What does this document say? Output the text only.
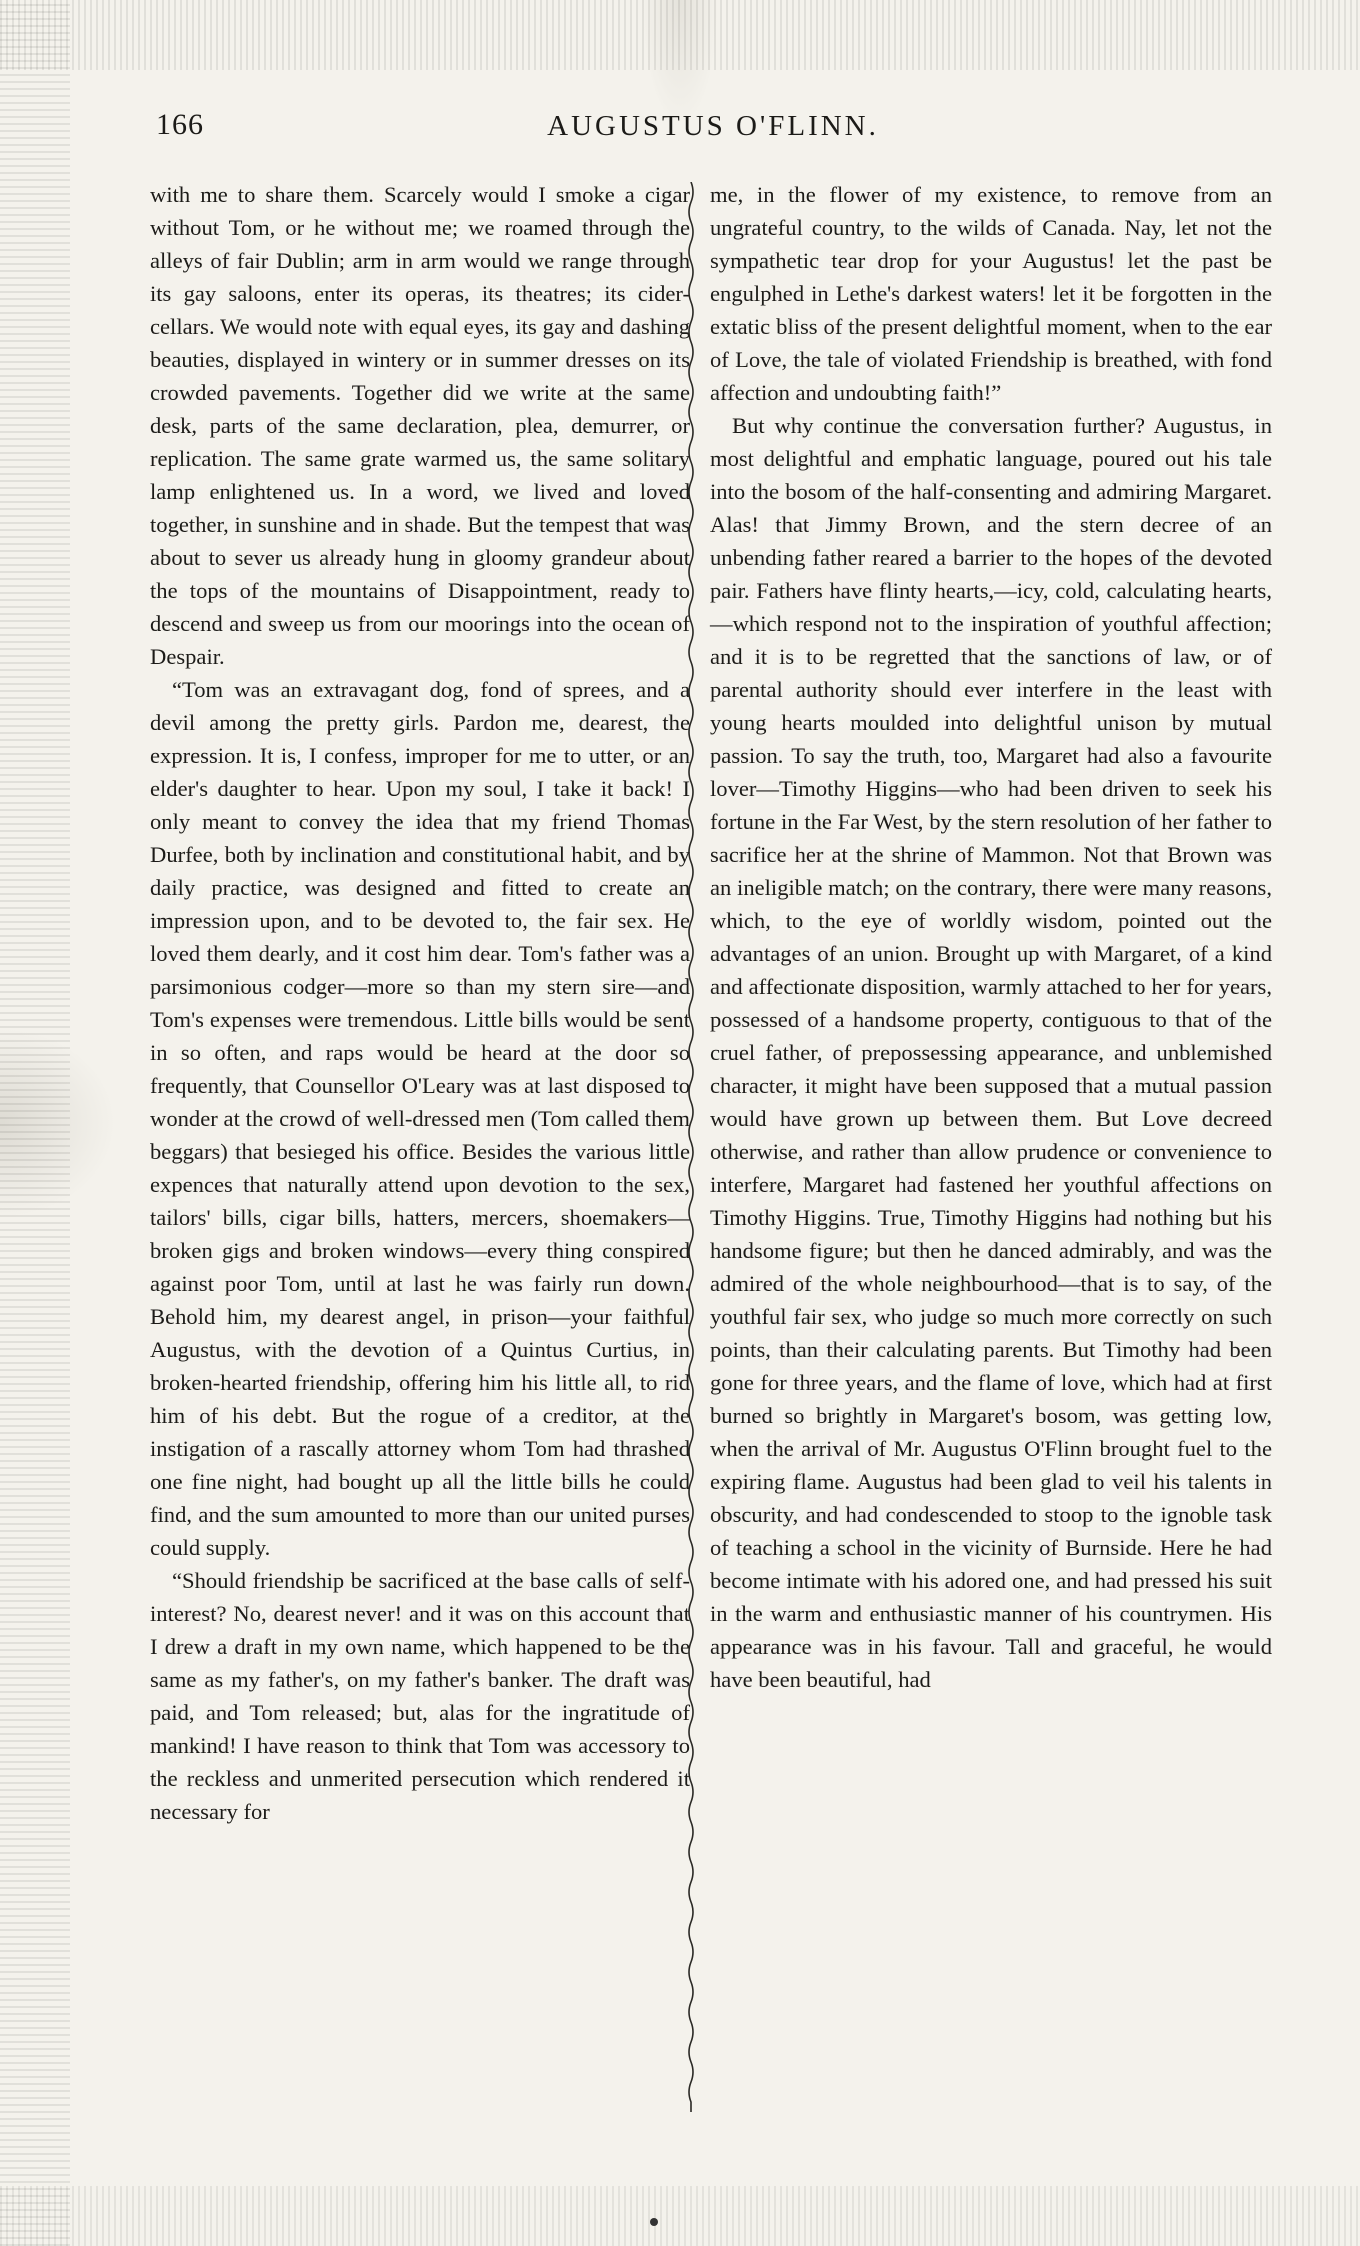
166	AUGUSTUS O'FLINN.

with me to share them. Scarcely would I smoke a cigar without Tom, or he without me; we roamed through the alleys of fair Dublin; arm in arm would we range through its gay saloons, enter its operas, its theatres; its cider-cellars. We would note with equal eyes, its gay and dashing beauties, displayed in wintery or in summer dresses on its crowded pavements. Together did we write at the same desk, parts of the same declaration, plea, demurrer, or replication. The same grate warmed us, the same solitary lamp enlightened us. In a word, we lived and loved together, in sunshine and in shade. But the tempest that was about to sever us already hung in gloomy grandeur about the tops of the mountains of Disappointment, ready to descend and sweep us from our moorings into the ocean of Despair.

“Tom was an extravagant dog, fond of sprees, and a devil among the pretty girls. Pardon me, dearest, the expression. It is, I confess, improper for me to utter, or an elder's daughter to hear. Upon my soul, I take it back! I only meant to convey the idea that my friend Thomas Durfee, both by inclination and constitutional habit, and by daily practice, was designed and fitted to create an impression upon, and to be devoted to, the fair sex. He loved them dearly, and it cost him dear. Tom's father was a parsimonious codger—more so than my stern sire—and Tom's expenses were tremendous. Little bills would be sent in so often, and raps would be heard at the door so frequently, that Counsellor O'Leary was at last disposed to wonder at the crowd of well-dressed men (Tom called them beggars) that besieged his office. Besides the various little expences that naturally attend upon devotion to the sex, tailors' bills, cigar bills, hatters, mercers, shoemakers—broken gigs and broken windows—every thing conspired against poor Tom, until at last he was fairly run down. Behold him, my dearest angel, in prison—your faithful Augustus, with the devotion of a Quintus Curtius, in broken-hearted friendship, offering him his little all, to rid him of his debt. But the rogue of a creditor, at the instigation of a rascally attorney whom Tom had thrashed one fine night, had bought up all the little bills he could find, and the sum amounted to more than our united purses could supply.

“Should friendship be sacrificed at the base calls of self-interest? No, dearest never! and it was on this account that I drew a draft in my own name, which happened to be the same as my father's, on my father's banker. The draft was paid, and Tom released; but, alas for the ingratitude of mankind! I have reason to think that Tom was accessory to the reckless and unmerited persecution which rendered it necessary for

me, in the flower of my existence, to remove from an ungrateful country, to the wilds of Canada. Nay, let not the sympathetic tear drop for your Augustus! let the past be engulphed in Lethe's darkest waters! let it be forgotten in the extatic bliss of the present delightful moment, when to the ear of Love, the tale of violated Friendship is breathed, with fond affection and undoubting faith!”

But why continue the conversation further? Augustus, in most delightful and emphatic language, poured out his tale into the bosom of the half-consenting and admiring Margaret. Alas! that Jimmy Brown, and the stern decree of an unbending father reared a barrier to the hopes of the devoted pair. Fathers have flinty hearts,—icy, cold, calculating hearts,—which respond not to the inspiration of youthful affection; and it is to be regretted that the sanctions of law, or of parental authority should ever interfere in the least with young hearts moulded into delightful unison by mutual passion. To say the truth, too, Margaret had also a favourite lover—Timothy Higgins—who had been driven to seek his fortune in the Far West, by the stern resolution of her father to sacrifice her at the shrine of Mammon. Not that Brown was an ineligible match; on the contrary, there were many reasons, which, to the eye of worldly wisdom, pointed out the advantages of an union. Brought up with Margaret, of a kind and affectionate disposition, warmly attached to her for years, possessed of a handsome property, contiguous to that of the cruel father, of prepossessing appearance, and unblemished character, it might have been supposed that a mutual passion would have grown up between them. But Love decreed otherwise, and rather than allow prudence or convenience to interfere, Margaret had fastened her youthful affections on Timothy Higgins. True, Timothy Higgins had nothing but his handsome figure; but then he danced admirably, and was the admired of the whole neighbourhood—that is to say, of the youthful fair sex, who judge so much more correctly on such points, than their calculating parents. But Timothy had been gone for three years, and the flame of love, which had at first burned so brightly in Margaret's bosom, was getting low, when the arrival of Mr. Augustus O'Flinn brought fuel to the expiring flame. Augustus had been glad to veil his talents in obscurity, and had condescended to stoop to the ignoble task of teaching a school in the vicinity of Burnside. Here he had become intimate with his adored one, and had pressed his suit in the warm and enthusiastic manner of his countrymen. His appearance was in his favour. Tall and graceful, he would have been beautiful, had
